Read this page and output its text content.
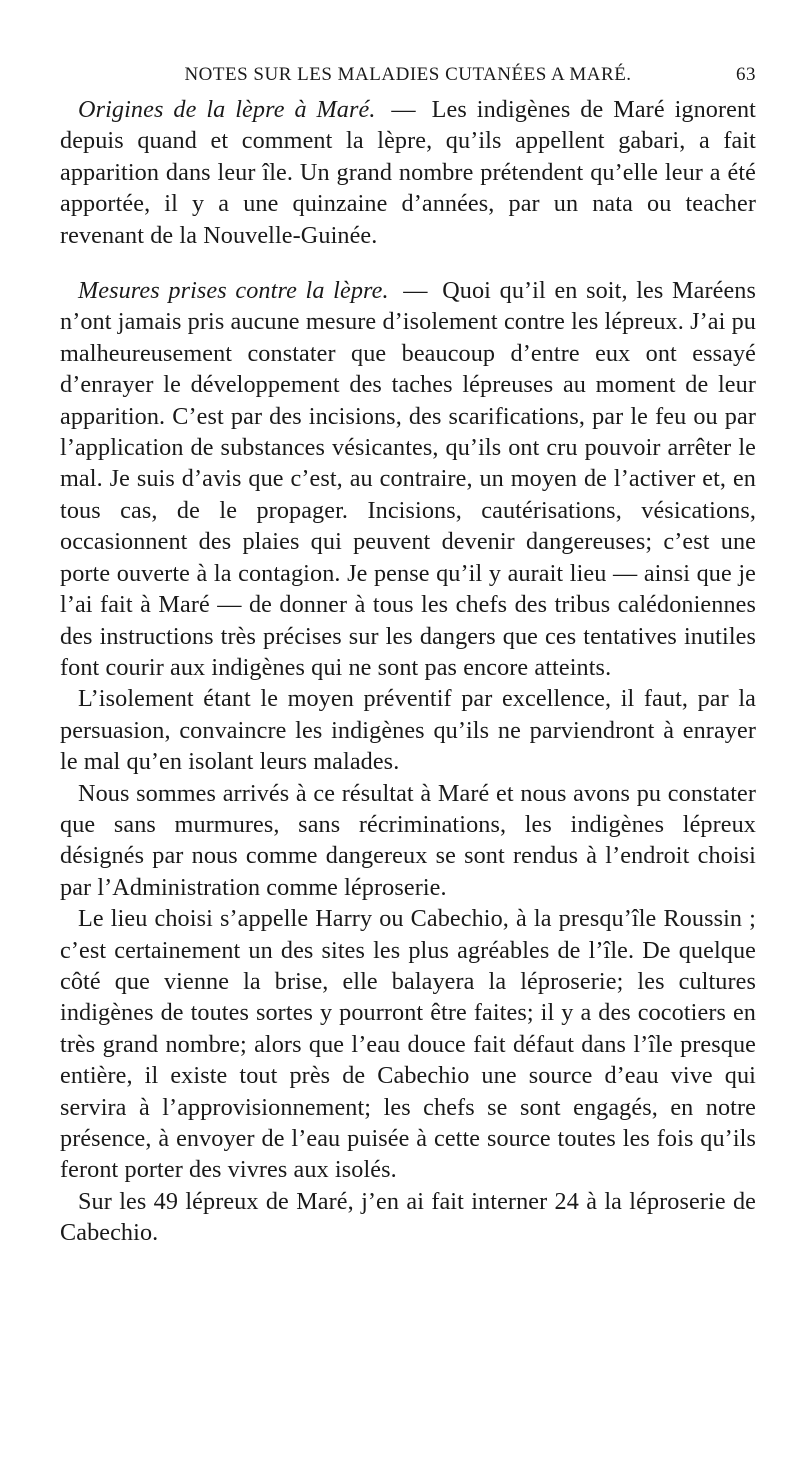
NOTES SUR LES MALADIES CUTANÉES A MARÉ.	63

Origines de la lèpre à Maré. — Les indigènes de Maré ignorent depuis quand et comment la lèpre, qu’ils appellent gabari, a fait apparition dans leur île. Un grand nombre prétendent qu’elle leur a été apportée, il y a une quinzaine d’années, par un nata ou teacher revenant de la Nouvelle-Guinée.

Mesures prises contre la lèpre. — Quoi qu’il en soit, les Maréens n’ont jamais pris aucune mesure d’isolement contre les lépreux. J’ai pu malheureusement constater que beaucoup d’entre eux ont essayé d’enrayer le développement des taches lépreuses au moment de leur apparition. C’est par des incisions, des scarifications, par le feu ou par l’application de substances vésicantes, qu’ils ont cru pouvoir arrêter le mal. Je suis d’avis que c’est, au contraire, un moyen de l’activer et, en tous cas, de le propager. Incisions, cautérisations, vésications, occasionnent des plaies qui peuvent devenir dangereuses; c’est une porte ouverte à la contagion. Je pense qu’il y aurait lieu — ainsi que je l’ai fait à Maré — de donner à tous les chefs des tribus calédoniennes des instructions très précises sur les dangers que ces tentatives inutiles font courir aux indigènes qui ne sont pas encore atteints.

L’isolement étant le moyen préventif par excellence, il faut, par la persuasion, convaincre les indigènes qu’ils ne parviendront à enrayer le mal qu’en isolant leurs malades.

Nous sommes arrivés à ce résultat à Maré et nous avons pu constater que sans murmures, sans récriminations, les indigènes lépreux désignés par nous comme dangereux se sont rendus à l’endroit choisi par l’Administration comme léproserie.

Le lieu choisi s’appelle Harry ou Cabechio, à la presqu’île Roussin ; c’est certainement un des sites les plus agréables de l’île. De quelque côté que vienne la brise, elle balayera la léproserie; les cultures indigènes de toutes sortes y pourront être faites; il y a des cocotiers en très grand nombre; alors que l’eau douce fait défaut dans l’île presque entière, il existe tout près de Cabechio une source d’eau vive qui servira à l’approvisionnement; les chefs se sont engagés, en notre présence, à envoyer de l’eau puisée à cette source toutes les fois qu’ils feront porter des vivres aux isolés.

Sur les 49 lépreux de Maré, j’en ai fait interner 24 à la léproserie de Cabechio.
